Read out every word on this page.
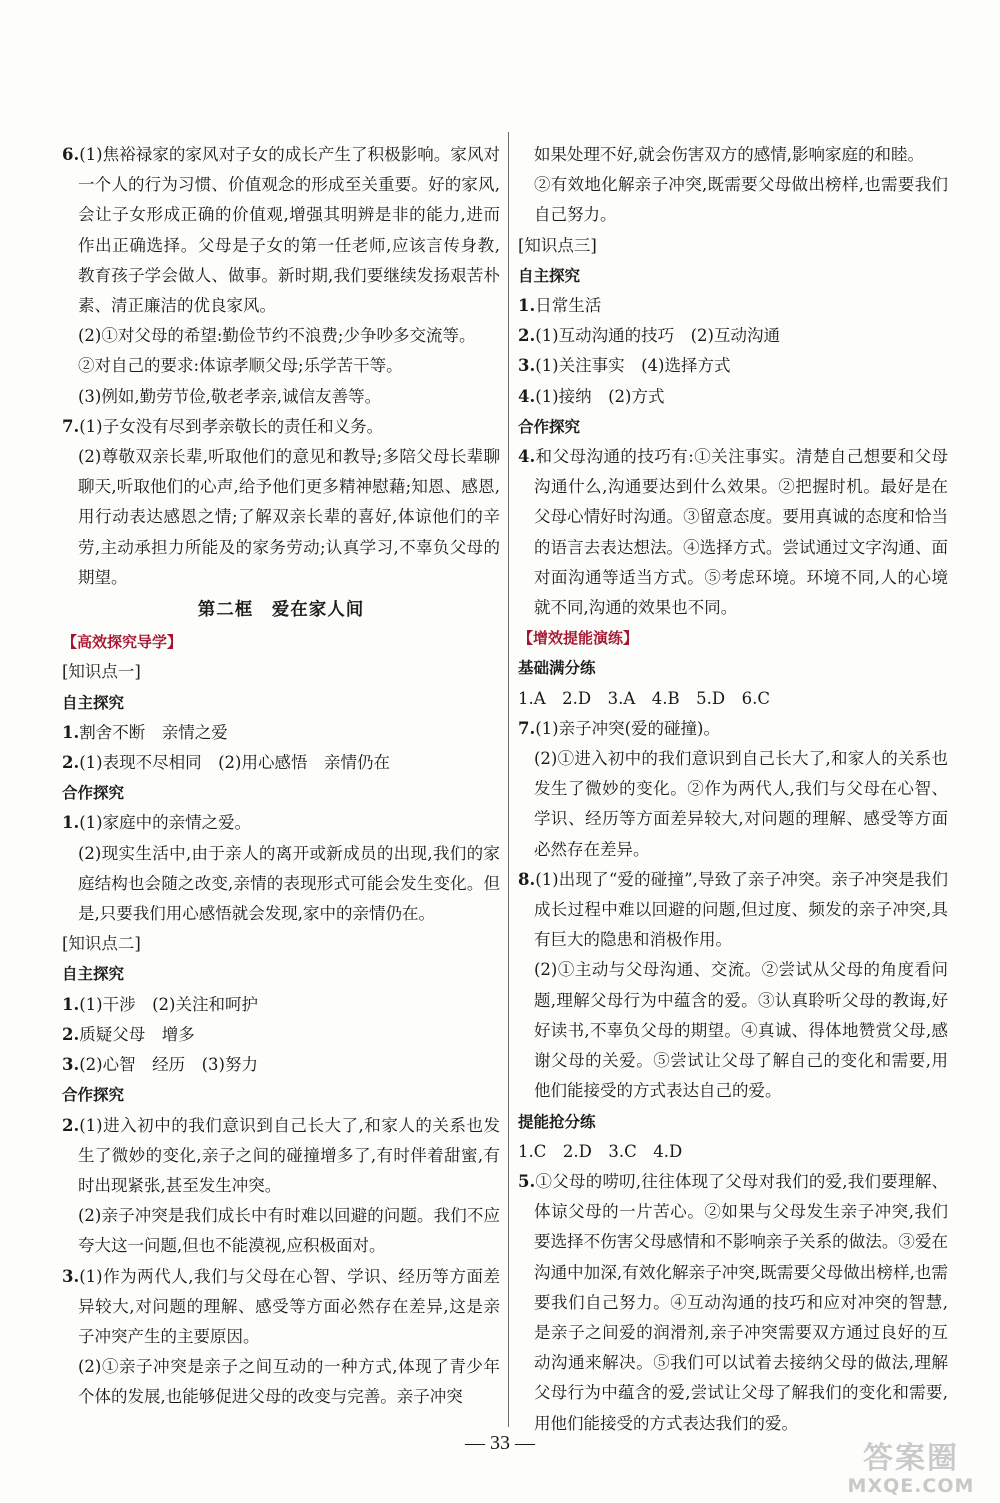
6.(1)焦裕禄家的家风对子女的成长产生了积极影响。家风对一个人的行为习惯、价值观念的形成至关重要。好的家风,会让子女形成正确的价值观,增强其明辨是非的能力,进而作出正确选择。父母是子女的第一任老师,应该言传身教,教育孩子学会做人、做事。新时期,我们要继续发扬艰苦朴素、清正廉洁的优良家风。
(2)①对父母的希望:勤俭节约不浪费;少争吵多交流等。
②对自己的要求:体谅孝顺父母;乐学苦干等。
(3)例如,勤劳节俭,敬老孝亲,诚信友善等。
7.(1)子女没有尽到孝亲敬长的责任和义务。
(2)尊敬双亲长辈,听取他们的意见和教导;多陪父母长辈聊聊天,听取他们的心声,给予他们更多精神慰藉;知恩、感恩,用行动表达感恩之情;了解双亲长辈的喜好,体谅他们的辛劳,主动承担力所能及的家务劳动;认真学习,不辜负父母的期望。
第二框　爱在家人间
【高效探究导学】
[知识点一]
自主探究
1.割舍不断　亲情之爱
2.(1)表现不尽相同　(2)用心感悟　亲情仍在
合作探究
1.(1)家庭中的亲情之爱。
(2)现实生活中,由于亲人的离开或新成员的出现,我们的家庭结构也会随之改变,亲情的表现形式可能会发生变化。但是,只要我们用心感悟就会发现,家中的亲情仍在。
[知识点二]
自主探究
1.(1)干涉　(2)关注和呵护
2.质疑父母　增多
3.(2)心智　经历　(3)努力
合作探究
2.(1)进入初中的我们意识到自己长大了,和家人的关系也发生了微妙的变化,亲子之间的碰撞增多了,有时伴着甜蜜,有时出现紧张,甚至发生冲突。
(2)亲子冲突是我们成长中有时难以回避的问题。我们不应夸大这一问题,但也不能漠视,应积极面对。
3.(1)作为两代人,我们与父母在心智、学识、经历等方面差异较大,对问题的理解、感受等方面必然存在差异,这是亲子冲突产生的主要原因。
(2)①亲子冲突是亲子之间互动的一种方式,体现了青少年个体的发展,也能够促进父母的改变与完善。亲子冲突
如果处理不好,就会伤害双方的感情,影响家庭的和睦。
②有效地化解亲子冲突,既需要父母做出榜样,也需要我们自己努力。
[知识点三]
自主探究
1.日常生活
2.(1)互动沟通的技巧　(2)互动沟通
3.(1)关注事实　(4)选择方式
4.(1)接纳　(2)方式
合作探究
4.和父母沟通的技巧有:①关注事实。清楚自己想要和父母沟通什么,沟通要达到什么效果。②把握时机。最好是在父母心情好时沟通。③留意态度。要用真诚的态度和恰当的语言去表达想法。④选择方式。尝试通过文字沟通、面对面沟通等适当方式。⑤考虑环境。环境不同,人的心境就不同,沟通的效果也不同。
【增效提能演练】
基础满分练
1.A　2.D　3.A　4.B　5.D　6.C
7.(1)亲子冲突(爱的碰撞)。
(2)①进入初中的我们意识到自己长大了,和家人的关系也发生了微妙的变化。②作为两代人,我们与父母在心智、学识、经历等方面差异较大,对问题的理解、感受等方面必然存在差异。
8.(1)出现了“爱的碰撞”,导致了亲子冲突。亲子冲突是我们成长过程中难以回避的问题,但过度、频发的亲子冲突,具有巨大的隐患和消极作用。
(2)①主动与父母沟通、交流。②尝试从父母的角度看问题,理解父母行为中蕴含的爱。③认真聆听父母的教诲,好好读书,不辜负父母的期望。④真诚、得体地赞赏父母,感谢父母的关爱。⑤尝试让父母了解自己的变化和需要,用他们能接受的方式表达自己的爱。
提能抢分练
1.C　2.D　3.C　4.D
5.①父母的唠叨,往往体现了父母对我们的爱,我们要理解、体谅父母的一片苦心。②如果与父母发生亲子冲突,我们要选择不伤害父母感情和不影响亲子关系的做法。③爱在沟通中加深,有效化解亲子冲突,既需要父母做出榜样,也需要我们自己努力。④互动沟通的技巧和应对冲突的智慧,是亲子之间爱的润滑剂,亲子冲突需要双方通过良好的互动沟通来解决。⑤我们可以试着去接纳父母的做法,理解父母行为中蕴含的爱,尝试让父母了解我们的变化和需要,用他们能接受的方式表达我们的爱。
— 33 —	答案圈
MXQE.COM
